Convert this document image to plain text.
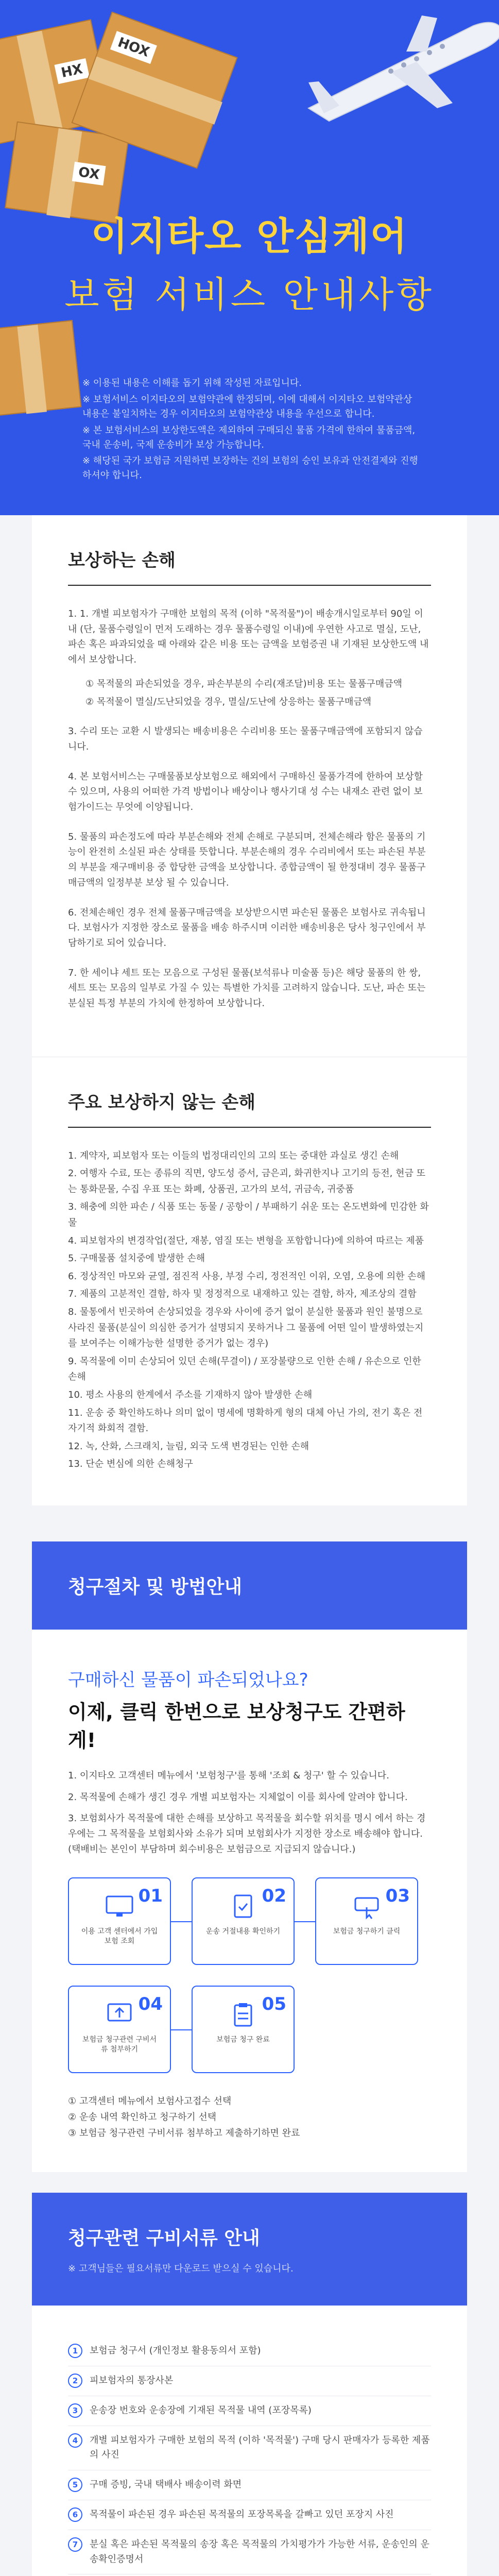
HX
OX
HOX
이지타오 안심케어
보험 서비스 안내사항

※ 이용된 내용은 이해를 돕기 위해 작성된 자료입니다.

※ 보험서비스 이지타오의 보험약관에 한정되며, 이에 대해서 이지타오 보험약관상 내용은 불일치하는 경우 이지타오의 보험약관상 내용을 우선으로 합니다.

※ 본 보험서비스의 보상한도액은 제외하여 구매되신 물품 가격에 한하여 물품금액, 국내 운송비, 국제 운송비가 보상 가능합니다.

※ 해당된 국가 보험금 지원하면 보장하는 건의 보험의 승인 보유과 안전결제와 진행하셔야 합니다.

보상하는 손해
1. 1. 개별 피보험자가 구매한 보험의 목적 (이하 "목적물")이 배송개시일로부터 90일 이내 (단, 물품수령일이 먼저 도래하는 경우 물품수령일 이내)에 우연한 사고로 멸실, 도난, 파손 혹은 파과되었을 때 아래와 같은 비용 또는 금액을 보험증권 내 기재된 보상한도액 내에서 보상합니다.
① 목적물의 파손되었을 경우, 파손부분의 수리(재조달)비용 또는 물품구매금액
② 목적물이 멸실/도난되었을 경우, 멸실/도난에 상응하는 물품구매금액
3. 수리 또는 교환 시 발생되는 배송비용은 수리비용 또는 물품구매금액에 포함되지 않습니다.
4. 본 보험서비스는 구매물품보상보험으로 해외에서 구매하신 물품가격에 한하여 보상할 수 있으며, 사용의 어떠한 가격 방법이나 배상이나 행사기대 성 수는 내재소 관련 없이 보험가이드는 무엇에 이양됩니다.
5. 물품의 파손정도에 따라 부분손해와 전체 손해로 구분되며, 전체손해라 함은 물품의 기능이 완전히 소실된 파손 상태를 뜻합니다. 부분손해의 경우 수리비에서 또는 파손된 부분의 부분을 재구매비용 중 합당한 금액을 보상합니다. 종합금액이 될 한정대비 경우 물품구매금액의 일정부분 보상 될 수 있습니다.
6. 전체손해인 경우 전체 물품구매금액을 보상받으시면 파손된 물품은 보험사로 귀속됩니다. 보험사가 지정한 장소로 물품을 배송 하주시며 이러한 배송비용은 당사 청구인에서 부담하기로 되어 있습니다.
7. 한 세이냐 세트 또는 모음으로 구성된 물품(보석류나 미술품 등)은 해당 물품의 한 쌍, 세트 또는 모음의 일부로 가질 수 있는 특별한 가치를 고려하지 않습니다. 도난, 파손 또는 분실된 특정 부분의 가치에 한정하여 보상합니다.
주요 보상하지 않는 손해
1. 계약자, 피보험자 또는 이들의 법정대리인의 고의 또는 중대한 과실로 생긴 손해
2. 여행자 수료, 또는 종류의 직면, 양도성 증서, 금은괴, 화귀한지나 고기의 등전, 현금 또는 통화문물, 수집 우표 또는 화폐, 상품권, 고가의 보석, 귀금속, 귀중품
3. 해충에 의한 파손 / 식품 또는 동물 / 공항이 / 부패하기 쉬운 또는 온도변화에 민감한 화물
4. 피보험자의 변경작업(절단, 재봉, 염질 또는 변형을 포함합니다)에 의하여 따르는 제품
5. 구매물품 설치중에 발생한 손해
6. 정상적인 마모와 균열, 점진적 사용, 부정 수리, 정전적인 이위, 오염, 오용에 의한 손해
7. 제품의 고분적인 결함, 하자 및 정정적으로 내재하고 있는 결함, 하자, 제조상의 결함
8. 물통에서 빈곳하여 손상되었을 경우와 사이에 증거 없이 분실한 물품과 원인 불명으로 사라진 물품(분실이 의심한 증거가 설명되지 못하거나 그 물품에 어떤 일이 발생하였는지를 보여주는 이해가능한 설명한 증거가 없는 경우)
9. 목적물에 이미 손상되어 있던 손해(무결이) / 포장불량으로 인한 손해 / 유손으로 인한 손해
10. 평소 사용의 한계에서 주소를 기재하지 않아 발생한 손해
11. 운송 중 확인하도하나 의미 없이 명세에 명확하게 형의 대체 아닌 가의, 전기 혹은 전자기적 화회적 결함.
12. 녹, 산화, 스크래치, 늘림, 외국 도색 변경된는 인한 손해
13. 단순 변심에 의한 손해청구
청구절차 및 방법안내
구매하신 물품이 파손되었나요?
이제, 클릭 한번으로 보상청구도 간편하게!

1. 이지타오 고객센터 메뉴에서 '보험청구'를 통해 '조회 & 청구' 할 수 있습니다.

2. 목적물에 손해가 생긴 경우 개별 피보험자는 지체없이 이를 회사에 알려야 합니다.

3. 보험회사가 목적물에 대한 손해를 보상하고 목적물을 회수할 위치를 명시 에서 하는 경우에는 그 목적물을 보험회사와 소유가 되며 보험회사가 지정한 장소로 배송해야 합니다. (택배비는 본인이 부담하며 회수비용은 보험금으로 지급되지 않습니다.)

01
이용 고객 센터에서 가입 보험 조회
02
운송 거절내용 확인하기
03
보험금 청구하기 클릭
04
보험금 청구관련 구비서류 첨부하기
05
보험금 청구 완료
① 고객센터 메뉴에서 보험사고접수 선택
② 운송 내역 확인하고 청구하기 선택
③ 보험금 청구관련 구비서류 첨부하고 제출하기하면 완료
청구관련 구비서류 안내

※ 고객님들은 필요서류만 다운로드 받으실 수 있습니다.

1	보험금 청구서 (개인정보 활용동의서 포함)
2	피보험자의 통장사본
3	운송장 번호와 운송장에 기재된 목적물 내역 (포장목록)
4	개별 피보험자가 구매한 보험의 목적 (이하 '목적물') 구매 당시 판매자가 등록한 제품의 사진
5	구매 증빙, 국내 택배사 배송이력 화면
6	목적물이 파손된 경우 파손된 목적물의 포장목록을 갈빠고 있던 포장지 사진
7	분실 혹은 파손된 목적물의 송장 혹은 목적물의 가치평가가 가능한 서류, 운송인의 운송확인증명서
